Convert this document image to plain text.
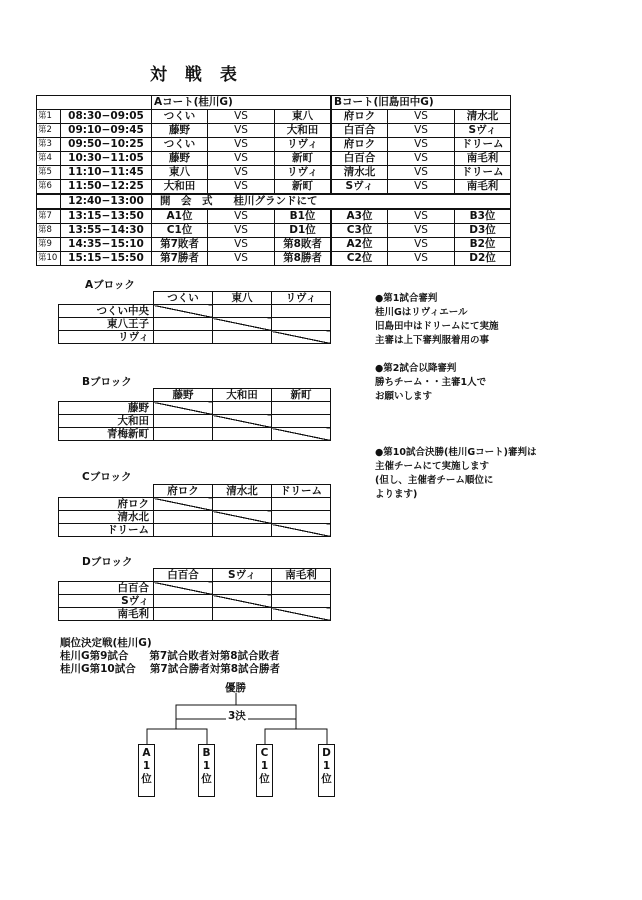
対 戦 表
		Aコート(桂川G)			Bコート(旧島田中G)		
第1	08:30−09:05	つくい	VS	東八	府ロク	VS	清水北
第2	09:10−09:45	藤野	VS	大和田	白百合	VS	Sヴィ
第3	09:50−10:25	つくい	VS	リヴィ	府ロク	VS	ドリーム
第4	10:30−11:05	藤野	VS	新町	白百合	VS	南毛利
第5	11:10−11:45	東八	VS	リヴィ	清水北	VS	ドリーム
第6	11:50−12:25	大和田	VS	新町	Sヴィ	VS	南毛利
	12:40−13:00	開　会　式　　桂川グランドにて					
第7	13:15−13:50	A1位	VS	B1位	A3位	VS	B3位
第8	13:55−14:30	C1位	VS	D1位	C3位	VS	D3位
第9	14:35−15:10	第7敗者	VS	第8敗者	A2位	VS	B2位
第10	15:15−15:50	第7勝者	VS	第8勝者	C2位	VS	D2位
Aブロック
	つくい	東八	リヴィ
つくい中央			
東八王子			
リヴィ			
Bブロック
	藤野	大和田	新町
藤野			
大和田			
青梅新町			
Cブロック
	府ロク	清水北	ドリーム
府ロク			
清水北			
ドリーム			
Dブロック
	白百合	Sヴィ	南毛利
白百合			
Sヴィ			
南毛利			
●第1試合審判
桂川Gはリヴィエール
旧島田中はドリームにて実施
主審は上下審判服着用の事
●第2試合以降審判
勝ちチーム・・主審1人で
お願いします
●第10試合決勝(桂川Gコート)審判は
主催チームにて実施します
(但し、主催者チーム順位に
よります)
順位決定戦(桂川G)
桂川G第9試合　　第7試合敗者対第8試合敗者
桂川G第10試合　 第7試合勝者対第8試合勝者
優勝
3決
A
1
位
B
1
位
C
1
位
D
1
位
